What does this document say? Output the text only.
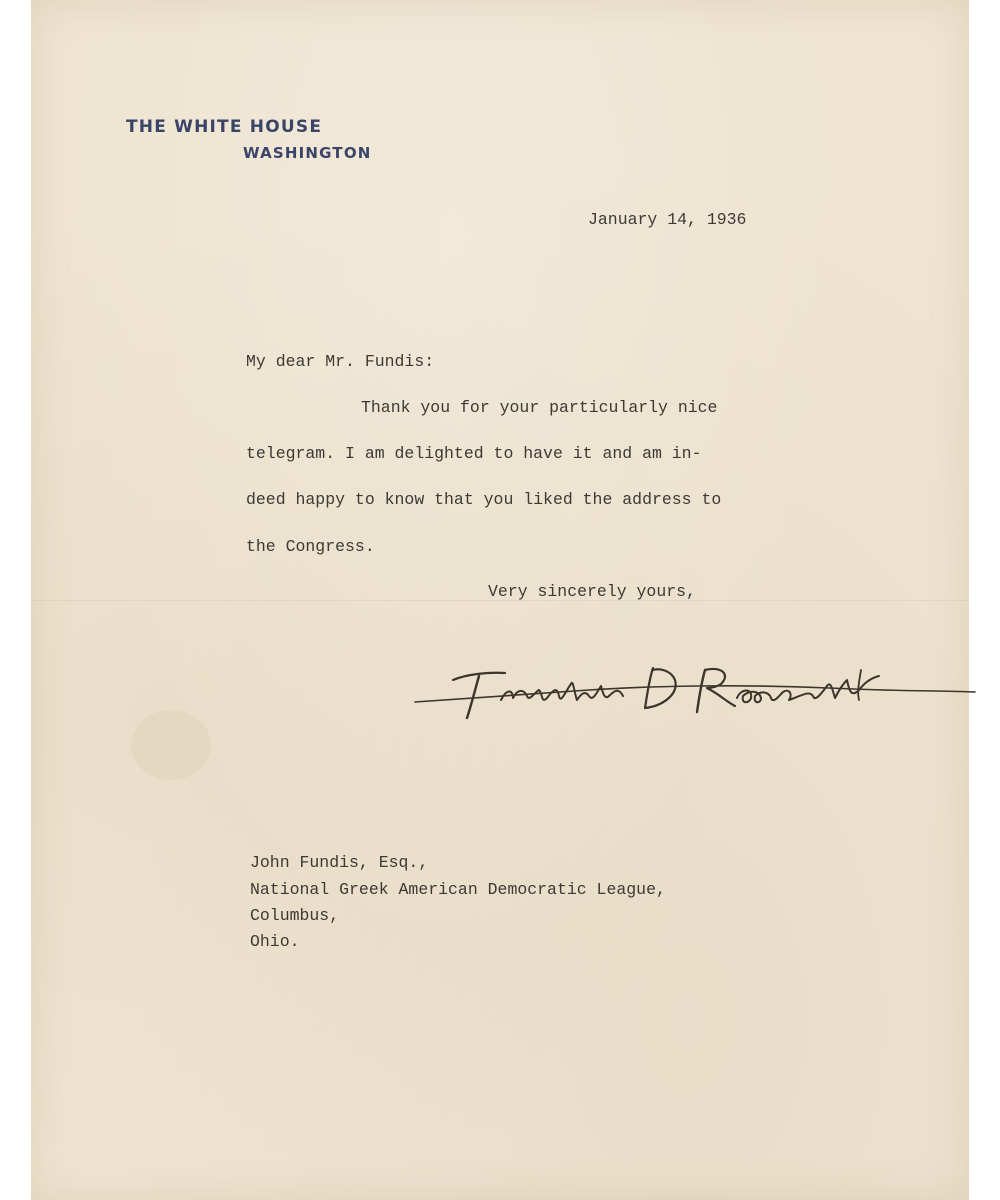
THE WHITE HOUSE
WASHINGTON
January 14, 1936
My dear Mr. Fundis:
Thank you for your particularly nice
telegram. I am delighted to have it and am in-
deed happy to know that you liked the address to
the Congress.
Very sincerely yours,
John Fundis, Esq.,
National Greek American Democratic League,
Columbus,
Ohio.
